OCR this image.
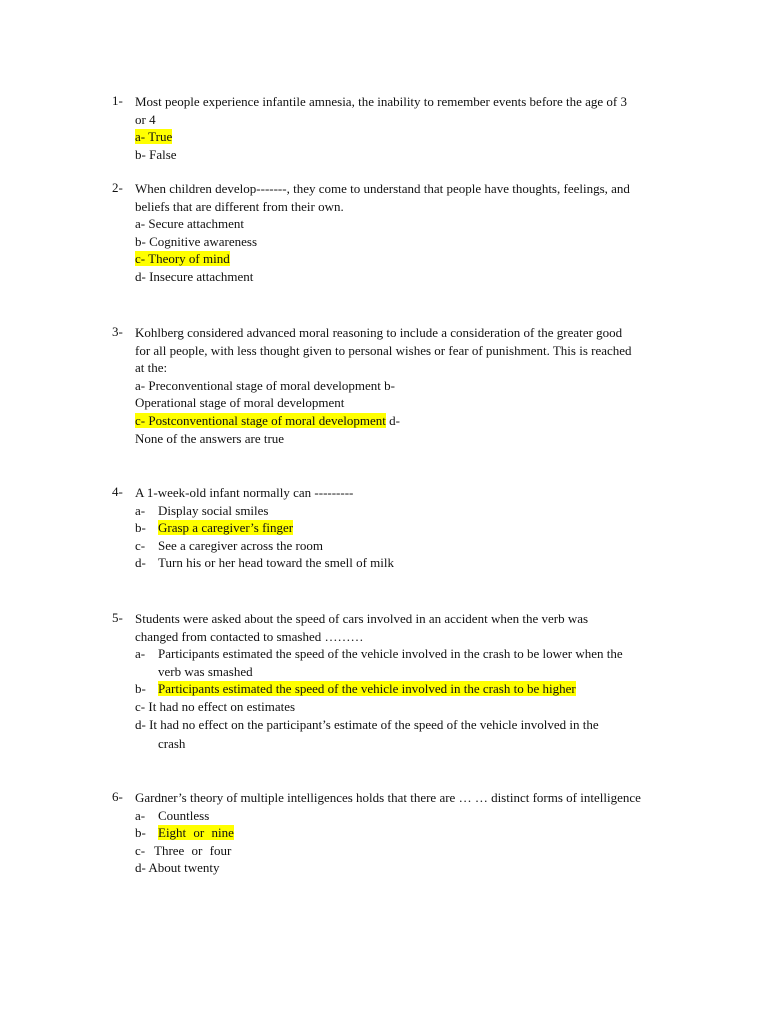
1- Most people experience infantile amnesia, the inability to remember events before the age of 3
or 4
a- True
b- False
2- When children develop-------, they come to understand that people have thoughts, feelings, and
beliefs that are different from their own.
a- Secure attachment
b- Cognitive awareness
c- Theory of mind
d- Insecure attachment
3- Kohlberg considered advanced moral reasoning to include a consideration of the greater good
for all people, with less thought given to personal wishes or fear of punishment. This is reached
at the:
a- Preconventional stage of moral development b-
Operational stage of moral development
c- Postconventional stage of moral development d-
None of the answers are true
4- A 1-week-old infant normally can ---------
a- Display social smiles
b- Grasp a caregiver’s finger
c- See a caregiver across the room
d- Turn his or her head toward the smell of milk
5- Students were asked about the speed of cars involved in an accident when the verb was
changed from contacted to smashed ………
a- Participants estimated the speed of the vehicle involved in the crash to be lower when the
verb was smashed
b- Participants estimated the speed of the vehicle involved in the crash to be higher
c- It had no effect on estimates
d- It had no effect on the participant’s estimate of the speed of the vehicle involved in the
crash
6- Gardner’s theory of multiple intelligences holds that there are … … distinct forms of intelligence
a- Countless
b- Eight or nine
c- Three or four
d- About twenty
